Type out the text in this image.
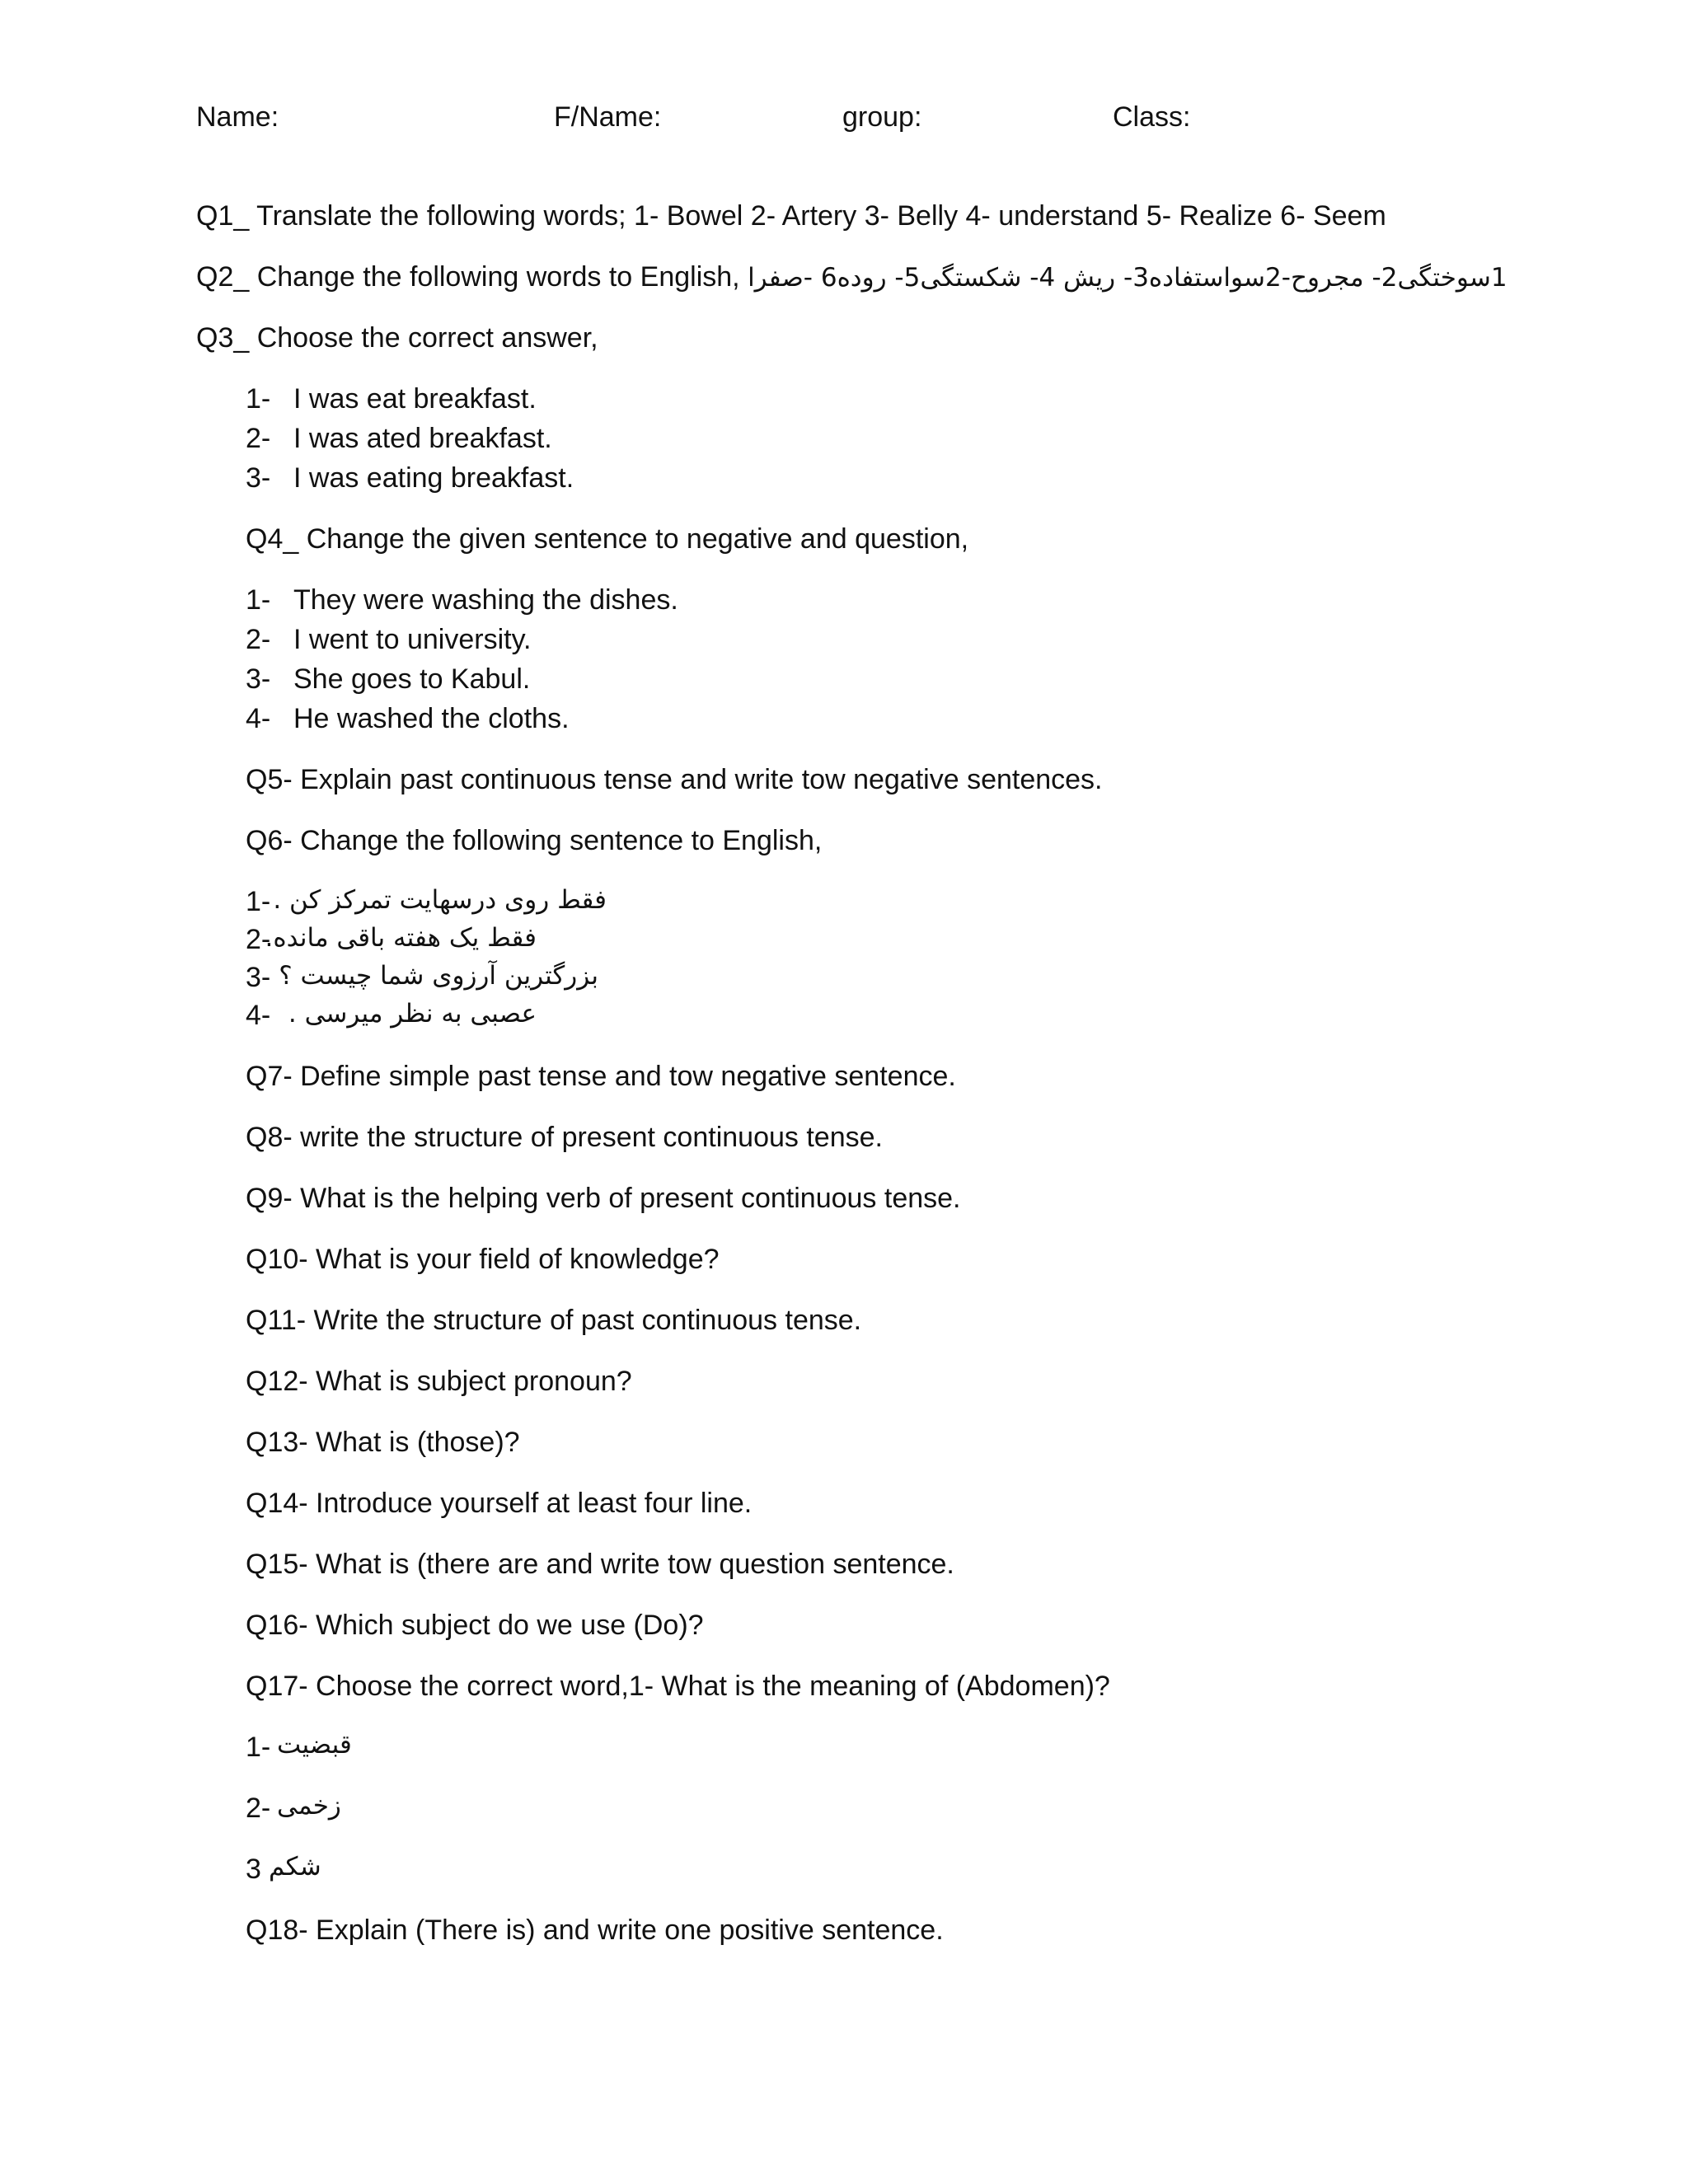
Name:	F/Name:	group:	Class:
Q1_ Translate the following words; 1- Bowel 2- Artery 3- Belly 4- understand 5- Realize 6- Seem
Q2_ Change the following words to English, 1سوختگی2- مجروح-2سواستفاده3- ریش 4- شکستگی5- روده6 -صفرا
Q3_ Choose the correct answer,
1- I was eat breakfast.
2- I was ated breakfast.
3- I was eating breakfast.
Q4_ Change the given sentence to negative and question,
1- They were washing the dishes.
2- I went to university.
3- She goes to Kabul.
4- He washed the cloths.
Q5- Explain past continuous tense and write tow negative sentences.
Q6- Change the following sentence to English,
1- فقط روی درسهایت تمرکز کن .
2-
فقط یک هفته باقی مانده.
3- بزرگترین آرزوی شما چیست ؟
4- عصبی به نظر میرسی .
Q7- Define simple past tense and tow negative sentence.
Q8- write the structure of present continuous tense.
Q9- What is the helping verb of present continuous tense.
Q10- What is your field of knowledge?
Q11- Write the structure of past continuous tense.
Q12- What is subject pronoun?
Q13- What is (those)?
Q14- Introduce yourself at least four line.
Q15- What is (there are and write tow question sentence.
Q16- Which subject do we use (Do)?
Q17- Choose the correct word,1- What is the meaning of (Abdomen)?
1- قبضیت
2- زخمی
3 شکم
Q18- Explain (There is) and write one positive sentence.
